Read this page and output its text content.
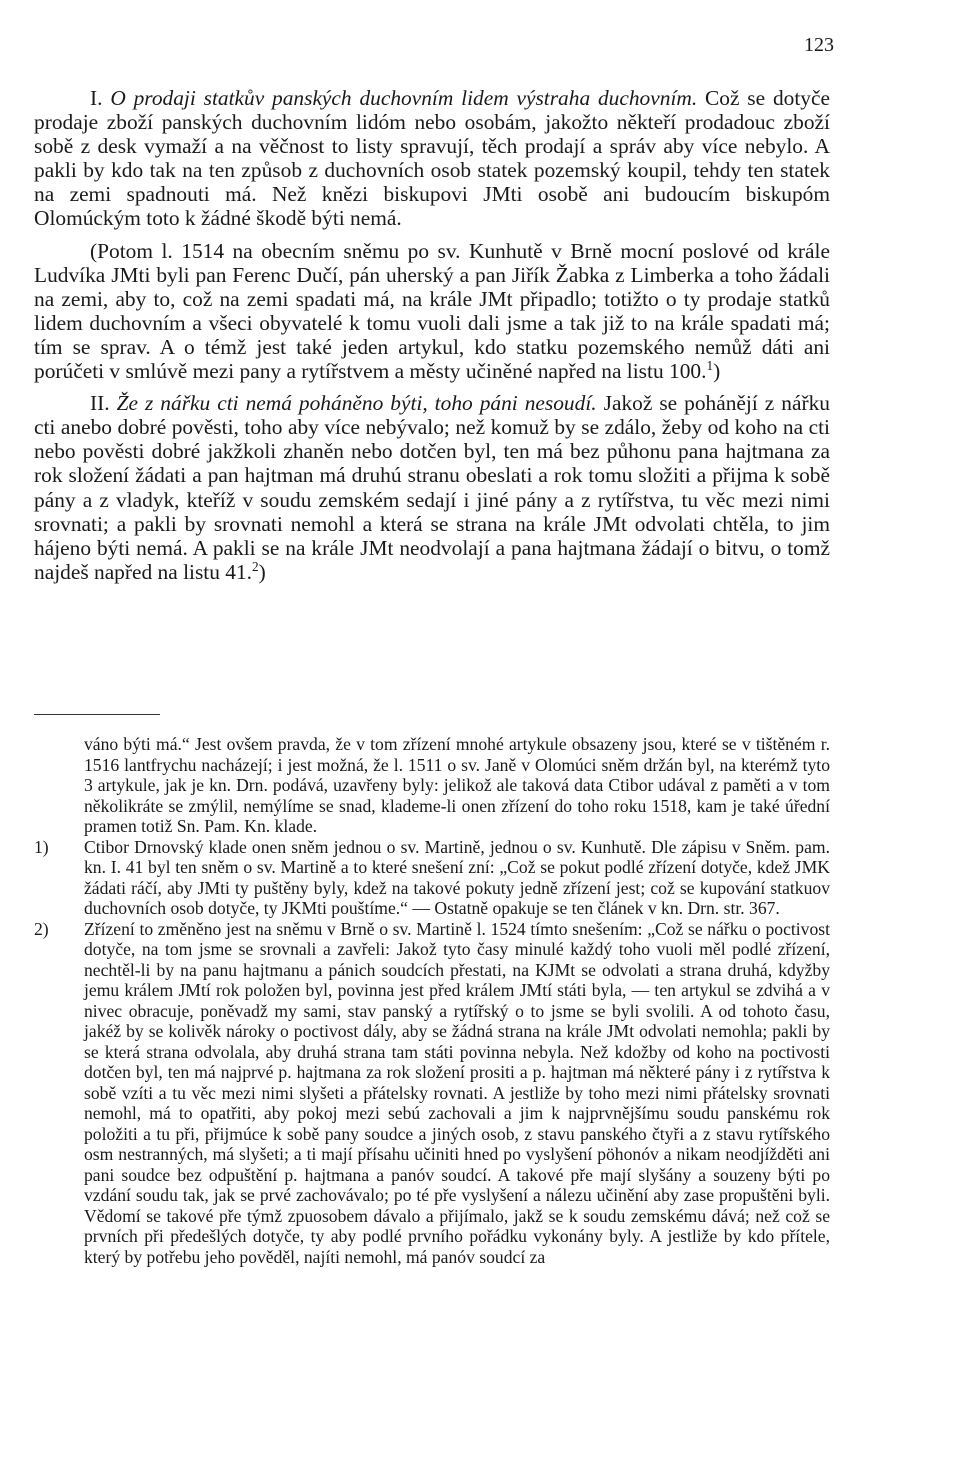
123

I. O prodaji statkův panských duchovním lidem výstraha duchovním. Což se dotyče prodaje zboží panských duchovním lidóm nebo osobám, jakožto někteří prodadouc zboží sobě z desk vymaží a na věčnost to listy spravují, těch prodají a správ aby více nebylo. A pakli by kdo tak na ten způsob z duchovních osob statek pozemský koupil, tehdy ten statek na zemi spadnouti má. Než knězi biskupovi JMti osobě ani budoucím biskupóm Olomúckým toto k žádné škodě býti nemá.

(Potom l. 1514 na obecním sněmu po sv. Kunhutě v Brně mocní poslové od krále Ludvíka JMti byli pan Ferenc Dučí, pán uherský a pan Jiřík Žabka z Limberka a toho žádali na zemi, aby to, což na zemi spadati má, na krále JMt připadlo; totižto o ty prodaje statků lidem duchovním a všeci obyvatelé k tomu vuoli dali jsme a tak již to na krále spadati má; tím se sprav. A o témž jest také jeden artykul, kdo statku pozemského nemůž dáti ani porúčeti v smlúvě mezi pany a rytířstvem a městy učiněné napřed na listu 100.$^1$)

II. Že z nářku cti nemá poháněno býti, toho páni nesoudí. Jakož se pohánějí z nářku cti anebo dobré pověsti, toho aby více nebývalo; než komuž by se zdálo, žeby od koho na cti nebo pověsti dobré jakžkoli zhaněn nebo dotčen byl, ten má bez půhonu pana hajtmana za rok složení žádati a pan hajtman má druhú stranu obeslati a rok tomu složiti a přijma k sobě pány a z vladyk, kteříž v soudu zemském sedají i jiné pány a z rytířstva, tu věc mezi nimi srovnati; a pakli by srovnati nemohl a která se strana na krále JMt odvolati chtěla, to jim hájeno býti nemá. A pakli se na krále JMt neodvolají a pana hajtmana žádají o bitvu, o tomž najdeš napřed na listu 41.$^2$)

váno býti má.“ Jest ovšem pravda, že v tom zřízení mnohé artykule obsazeny jsou, které se v tištěném r. 1516 lantfrychu nacházejí; i jest možná, že l. 1511 o sv. Janě v Olomúci sněm držán byl, na kterémž tyto 3 artykule, jak je kn. Drn. podává, uzavřeny byly: jelikož ale taková data Ctibor udával z paměti a v tom několikráte se zmýlil, nemýlíme se snad, klademe-li onen zřízení do toho roku 1518, kam je také úřední pramen totiž Sn. Pam. Kn. klade.

1)	Ctibor Drnovský klade onen sněm jednou o sv. Martině, jednou o sv. Kunhutě. Dle zápisu v Sněm. pam. kn. I. 41 byl ten sněm o sv. Martině a to které snešení zní: „Což se pokut podlé zřízení dotyče, kdež JMK žádati ráčí, aby JMti ty puštěny byly, kdež na takové pokuty jedně zřízení jest; což se kupování statkuov duchovních osob dotyče, ty JKMti pouštíme.“ — Ostatně opakuje se ten článek v kn. Drn. str. 367.

2)	Zřízení to změněno jest na sněmu v Brně o sv. Martině l. 1524 tímto snešením: „Což se nářku o poctivost dotyče, na tom jsme se srovnali a zavřeli: Jakož tyto časy minulé každý toho vuoli měl podlé zřízení, nechtěl-li by na panu hajtmanu a pánich soudcích přestati, na KJMt se odvolati a strana druhá, kdyžby jemu králem JMtí rok položen byl, povinna jest před králem JMtí státi byla, — ten artykul se zdvihá a v nivec obracuje, poněvadž my sami, stav panský a rytířský o to jsme se byli svolili. A od tohoto času, jakéž by se kolivěk nároky o poctivost dály, aby se žádná strana na krále JMt odvolati nemohla; pakli by se která strana odvolala, aby druhá strana tam státi povinna nebyla. Než kdožby od koho na poctivosti dotčen byl, ten má najprvé p. hajtmana za rok složení prositi a p. hajtman má některé pány i z rytířstva k sobě vzíti a tu věc mezi nimi slyšeti a přátelsky rovnati. A jestliže by toho mezi nimi přátelsky srovnati nemohl, má to opatřiti, aby pokoj mezi sebú zachovali a jim k najprvnějšímu soudu panskému rok položiti a tu při, přijmúce k sobě pany soudce a jiných osob, z stavu panského čtyři a z stavu rytířského osm nestranných, má slyšeti; a ti mají přísahu učiniti hned po vyslyšení pöhonóv a nikam neodjížděti ani pani soudce bez odpuštění p. hajtmana a panóv soudcí. A takové pře mají slyšány a souzeny býti po vzdání soudu tak, jak se prvé zachovávalo; po té pře vyslyšení a nálezu učinění aby zase propuštěni byli. Vědomí se takové pře týmž zpuosobem dávalo a přijímalo, jakž se k soudu zemskému dává; než což se prvních při předešlých dotyče, ty aby podlé prvního pořádku vykonány byly. A jestliže by kdo přítele, který by potřebu jeho pověděl, najíti nemohl, má panóv soudcí za
